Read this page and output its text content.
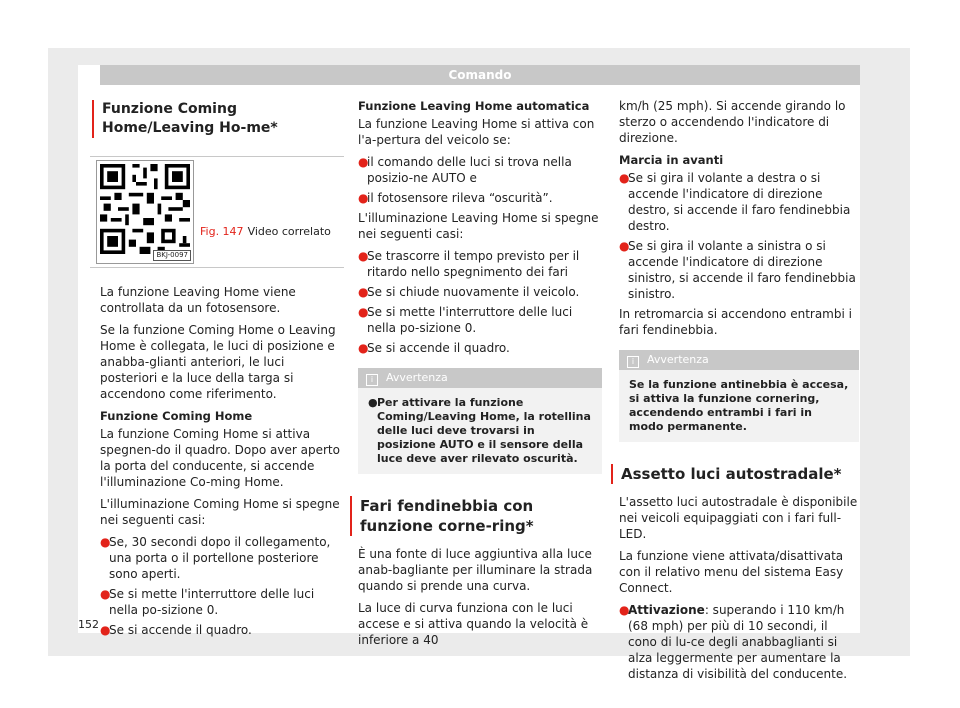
Comando
Funzione Coming Home/Leaving Ho-me*
BKJ-0097
Fig. 147 Video correlato

La funzione Leaving Home viene controllata da un fotosensore.

Se la funzione Coming Home o Leaving Home è collegata, le luci di posizione e anabba-glianti anteriori, le luci posteriori e la luce della targa si accendono come riferimento.

Funzione Coming Home

La funzione Coming Home si attiva spegnen-do il quadro. Dopo aver aperto la porta del conducente, si accende l'illuminazione Co-ming Home.

L'illuminazione Coming Home si spegne nei seguenti casi:

●
Se, 30 secondi dopo il collegamento, una porta o il portellone posteriore sono aperti.
●
Se si mette l'interruttore delle luci nella po-sizione 0.
●
Se si accende il quadro.

Funzione Leaving Home automatica

La funzione Leaving Home si attiva con l'a-pertura del veicolo se:

●
il comando delle luci si trova nella posizio-ne AUTO e
●
il fotosensore rileva “oscurità”.

L'illuminazione Leaving Home si spegne nei seguenti casi:

●
Se trascorre il tempo previsto per il ritardo nello spegnimento dei fari
●
Se si chiude nuovamente il veicolo.
●
Se si mette l'interruttore delle luci nella po-sizione 0.
●
Se si accende il quadro.
i Avvertenza
● Per attivare la funzione Coming/Leaving Home, la rotellina delle luci deve trovarsi in posizione AUTO e il sensore della luce deve aver rilevato oscurità.
Fari fendinebbia con funzione corne-ring*

È una fonte di luce aggiuntiva alla luce anab-bagliante per illuminare la strada quando si prende una curva.

La luce di curva funziona con le luci accese e si attiva quando la velocità è inferiore a 40

km/h (25 mph). Si accende girando lo sterzo o accendendo l'indicatore di direzione.

Marcia in avanti

●
Se si gira il volante a destra o si accende l'indicatore di direzione destro, si accende il faro fendinebbia destro.
●
Se si gira il volante a sinistra o si accende l'indicatore di direzione sinistro, si accende il faro fendinebbia sinistro.

In retromarcia si accendono entrambi i fari fendinebbia.

i Avvertenza
Se la funzione antinebbia è accesa, si attiva la funzione cornering, accendendo entrambi i fari in modo permanente.
Assetto luci autostradale*

L'assetto luci autostradale è disponibile nei veicoli equipaggiati con i fari full-LED.

La funzione viene attivata/disattivata con il relativo menu del sistema Easy Connect.

●
Attivazione: superando i 110 km/h (68 mph) per più di 10 secondi, il cono di lu-ce degli anabbaglianti si alza leggermente per aumentare la distanza di visibilità del conducente.
152
